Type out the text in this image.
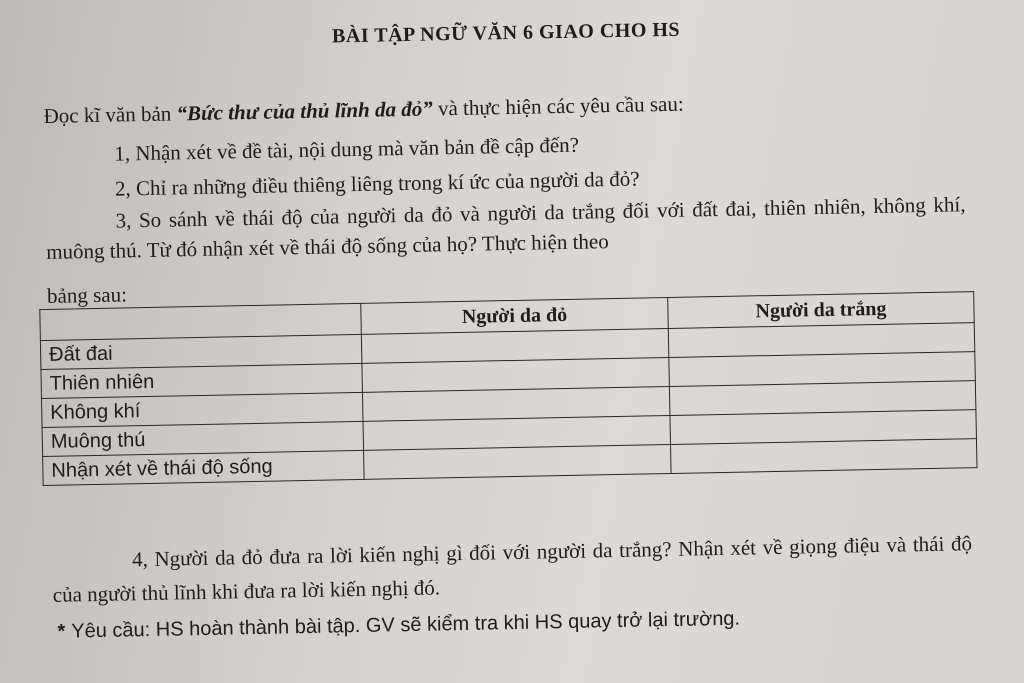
BÀI TẬP NGỮ VĂN 6 GIAO CHO HS
Đọc kĩ văn bản “Bức thư của thủ lĩnh da đỏ” và thực hiện các yêu cầu sau:
1, Nhận xét về đề tài, nội dung mà văn bản đề cập đến?
2, Chỉ ra những điều thiêng liêng trong kí ức của người da đỏ?
3, So sánh về thái độ của người da đỏ và người da trắng đối với đất đai, thiên nhiên, không khí, muông thú. Từ đó nhận xét về thái độ sống của họ? Thực hiện theo
bảng sau:
	Người da đỏ	Người da trắng
Đất đai		
Thiên nhiên		
Không khí		
Muông thú		
Nhận xét về thái độ sống		
4, Người da đỏ đưa ra lời kiến nghị gì đối với người da trắng? Nhận xét về giọng điệu và thái độ của người thủ lĩnh khi đưa ra lời kiến nghị đó.
* Yêu cầu: HS hoàn thành bài tập. GV sẽ kiểm tra khi HS quay trở lại trường.
